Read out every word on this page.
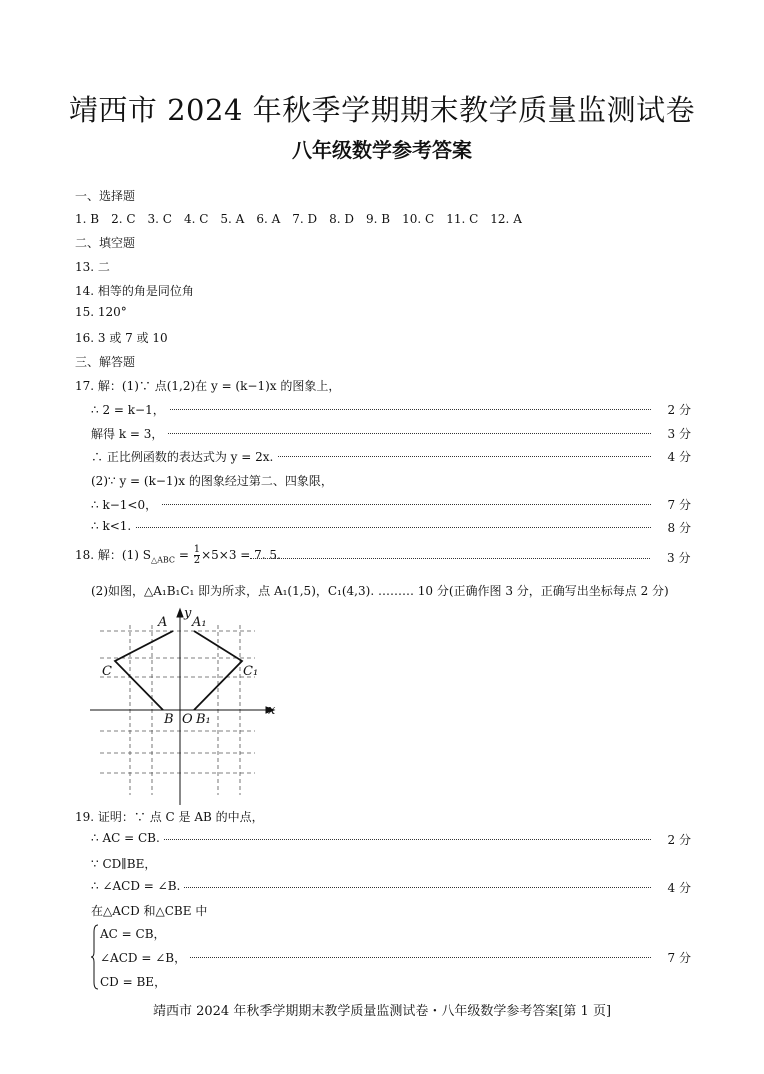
靖西市 2024 年秋季学期期末教学质量监测试卷
八年级数学参考答案
一、选择题
1. B　2. C　3. C　4. C　5. A　6. A　7. D　8. D　9. B　10. C　11. C　12. A
二、填空题
13. 二
14. 相等的角是同位角
15. 120°
16. 3 或 7 或 10
三、解答题
17. 解：(1)∵ 点(1,2)在 y = (k−1)x 的图象上，
∴ 2 = k−1，	2 分
解得 k = 3，	3 分
∴ 正比例函数的表达式为 y = 2x.	4 分
(2)∵ y = (k−1)x 的图象经过第二、四象限，
∴ k−1<0，	7 分
∴ k<1.	8 分
18. 解：(1) $S_{\triangle ABC} = \frac{1}{2} \times 5\times 3 = 7$. 5.	3 分
(2)如图，△A₁B₁C₁ 即为所求，点 A₁(1,5)，C₁(4,3). ……… 10 分(正确作图 3 分，正确写出坐标每点 2 分)
A
C
B O
A₁
C₁
B₁
x
y
19. 证明：∵ 点 C 是 AB 的中点，
∴ AC = CB.	2 分
∵ CD∥BE，
∴ ∠ACD = ∠B.	4 分
在△ACD 和△CBE 中
AC = CB，
∠ACD = ∠B，	7 分
CD = BE，
靖西市 2024 年秋季学期期末教学质量监测试卷・八年级数学参考答案[第 1 页]
